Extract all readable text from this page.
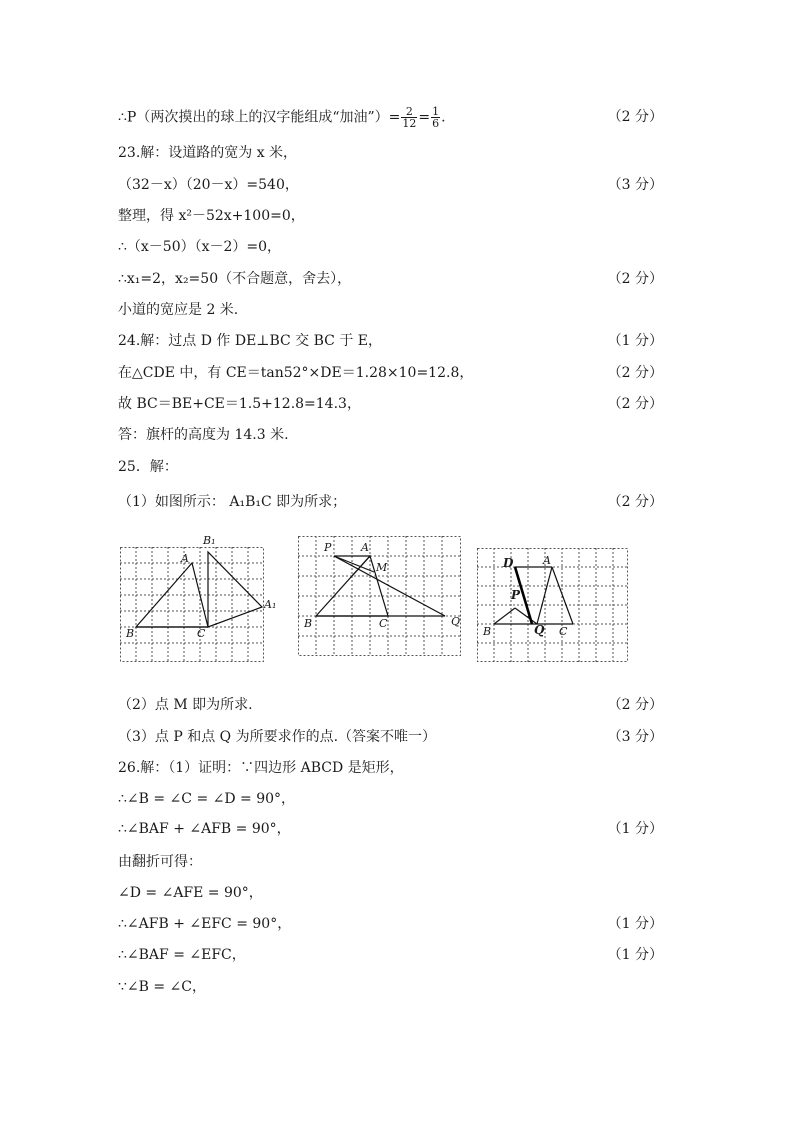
∴P（两次摸出的球上的汉字能组成“加油”）= $\frac{2}{12} = \frac{1}{6}$ .	（2 分）
23.解：设道路的宽为 x 米，
（32－x）（20－x）=540，	（3 分）
整理，得 x²－52x+100=0，
∴（x－50）（x－2）=0，
∴x₁=2，x₂=50（不合题意，舍去），	（2 分）
小道的宽应是 2 米.
24.解：过点 D 作 DE⊥BC 交 BC 于 E，	（1 分）
在△CDE 中，有 CE＝tan52°×DE＝1.28×10=12.8，	（2 分）
故 BC＝BE+CE＝1.5+12.8=14.3，	（2 分）
答：旗杆的高度为 14.3 米.
25．解：
（1）如图所示： A₁B₁C 即为所求；	（2 分）
A
B₁
A₁
B	C
P	A
M
B	C	Q
D	A
P
B	Q C
（2）点 M 即为所求.	（2 分）
（3）点 P 和点 Q 为所要求作的点.（答案不唯一）	（3 分）
26.解：（1）证明：∵四边形 ABCD 是矩形，
∴∠B = ∠C = ∠D = 90°，
∴∠BAF + ∠AFB = 90°，	（1 分）
由翻折可得：
∠D = ∠AFE = 90°，
∴∠AFB + ∠EFC = 90°，	（1 分）
∴∠BAF = ∠EFC，	（1 分）
∵∠B = ∠C，
